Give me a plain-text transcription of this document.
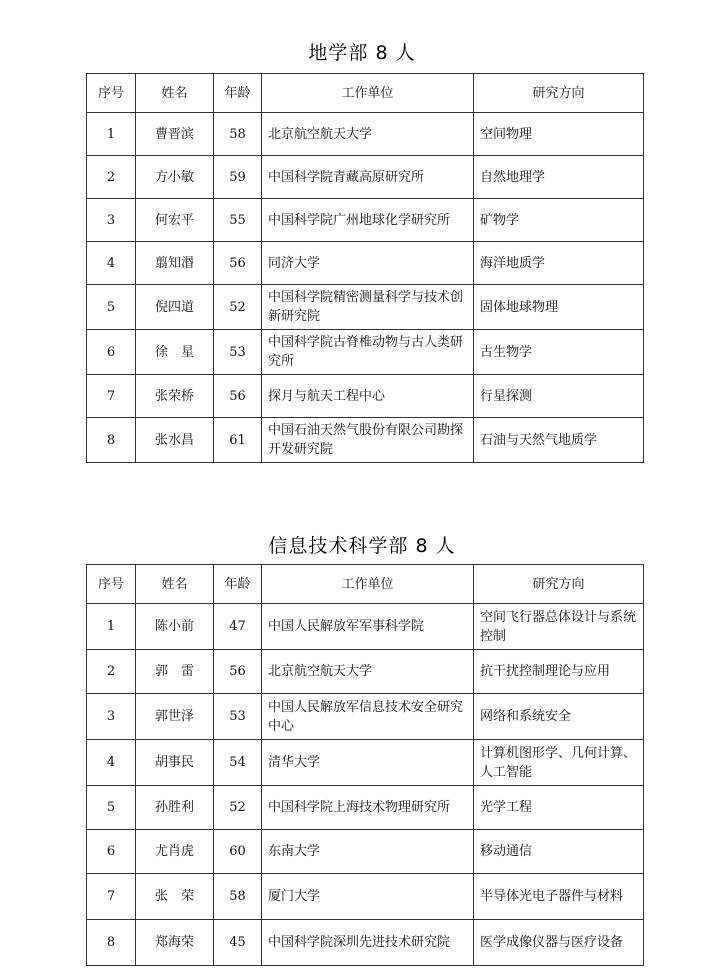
地学部 8 人
序号	姓名	年龄	工作单位	研究方向
1	曹晋滨	58	北京航空航天大学	空间物理
2	方小敏	59	中国科学院青藏高原研究所	自然地理学
3	何宏平	55	中国科学院广州地球化学研究所	矿物学
4	翦知湣	56	同济大学	海洋地质学
5	倪四道	52	中国科学院精密测量科学与技术创新研究院	固体地球物理
6	徐　星	53	中国科学院古脊椎动物与古人类研究所	古生物学
7	张荣桥	56	探月与航天工程中心	行星探测
8	张水昌	61	中国石油天然气股份有限公司勘探开发研究院	石油与天然气地质学
信息技术科学部 8 人
序号	姓名	年龄	工作单位	研究方向
1	陈小前	47	中国人民解放军军事科学院	空间飞行器总体设计与系统控制
2	郭　雷	56	北京航空航天大学	抗干扰控制理论与应用
3	郭世泽	53	中国人民解放军信息技术安全研究中心	网络和系统安全
4	胡事民	54	清华大学	计算机图形学、几何计算、人工智能
5	孙胜利	52	中国科学院上海技术物理研究所	光学工程
6	尤肖虎	60	东南大学	移动通信
7	张　荣	58	厦门大学	半导体光电子器件与材料
8	郑海荣	45	中国科学院深圳先进技术研究院	医学成像仪器与医疗设备
